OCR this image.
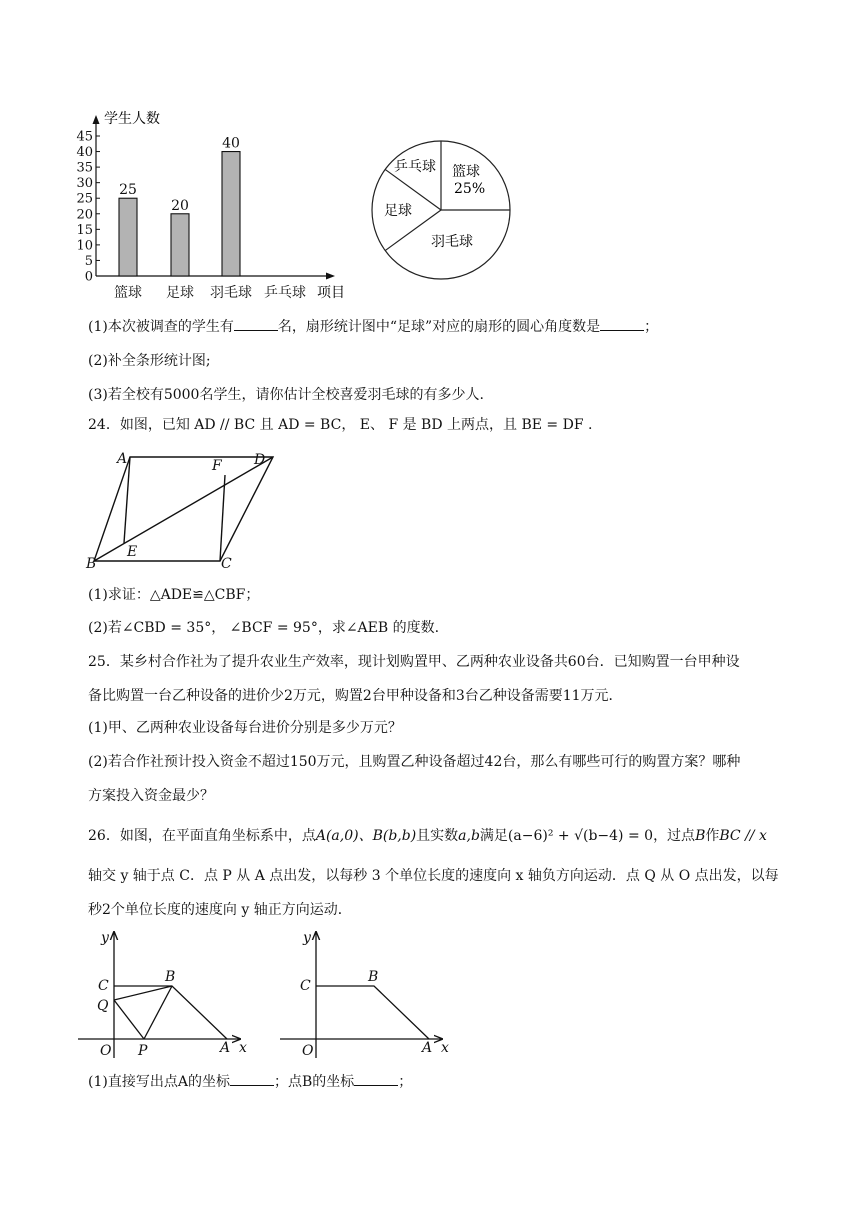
0
5
10
15
20
25
30
35
40
45
25
篮球
20
足球
40
羽毛球 乒乓球
学生人数
项目
篮球
25%
羽毛球
足球
乒乓球
(1)本次被调查的学生有	名，扇形统计图中“足球”对应的扇形的圆心角度数是	；
(2)补全条形统计图;
(3)若全校有5000名学生，请你估计全校喜爱羽毛球的有多少人.
24．如图，已知 AD // BC 且 AD = BC， E、 F 是 BD 上两点，且 BE = DF .
A	D
F
E
B	C
(1)求证：△ADE≌△CBF；
(2)若∠CBD = 35°， ∠BCF = 95°，求∠AEB 的度数.
25．某乡村合作社为了提升农业生产效率，现计划购置甲、乙两种农业设备共60台．已知购置一台甲种设
备比购置一台乙种设备的进价少2万元，购置2台甲种设备和3台乙种设备需要11万元．
(1)甲、乙两种农业设备每台进价分别是多少万元？
(2)若合作社预计投入资金不超过150万元，且购置乙种设备超过42台，那么有哪些可行的购置方案？哪种
方案投入资金最少？
26．如图，在平面直角坐标系中，点A(a,0)、B(b,b)且实数a,b满足(a−6)² + √(b−4) = 0，过点B作BC // x
轴交 y 轴于点 C．点 P 从 A 点出发，以每秒 3 个单位长度的速度向 x 轴负方向运动．点 Q 从 O 点出发，以每
秒2个单位长度的速度向 y 轴正方向运动．
y
C
B
Q
O P	A x
y
C
B
O	A x
(1)直接写出点A的坐标	；点B的坐标	；
